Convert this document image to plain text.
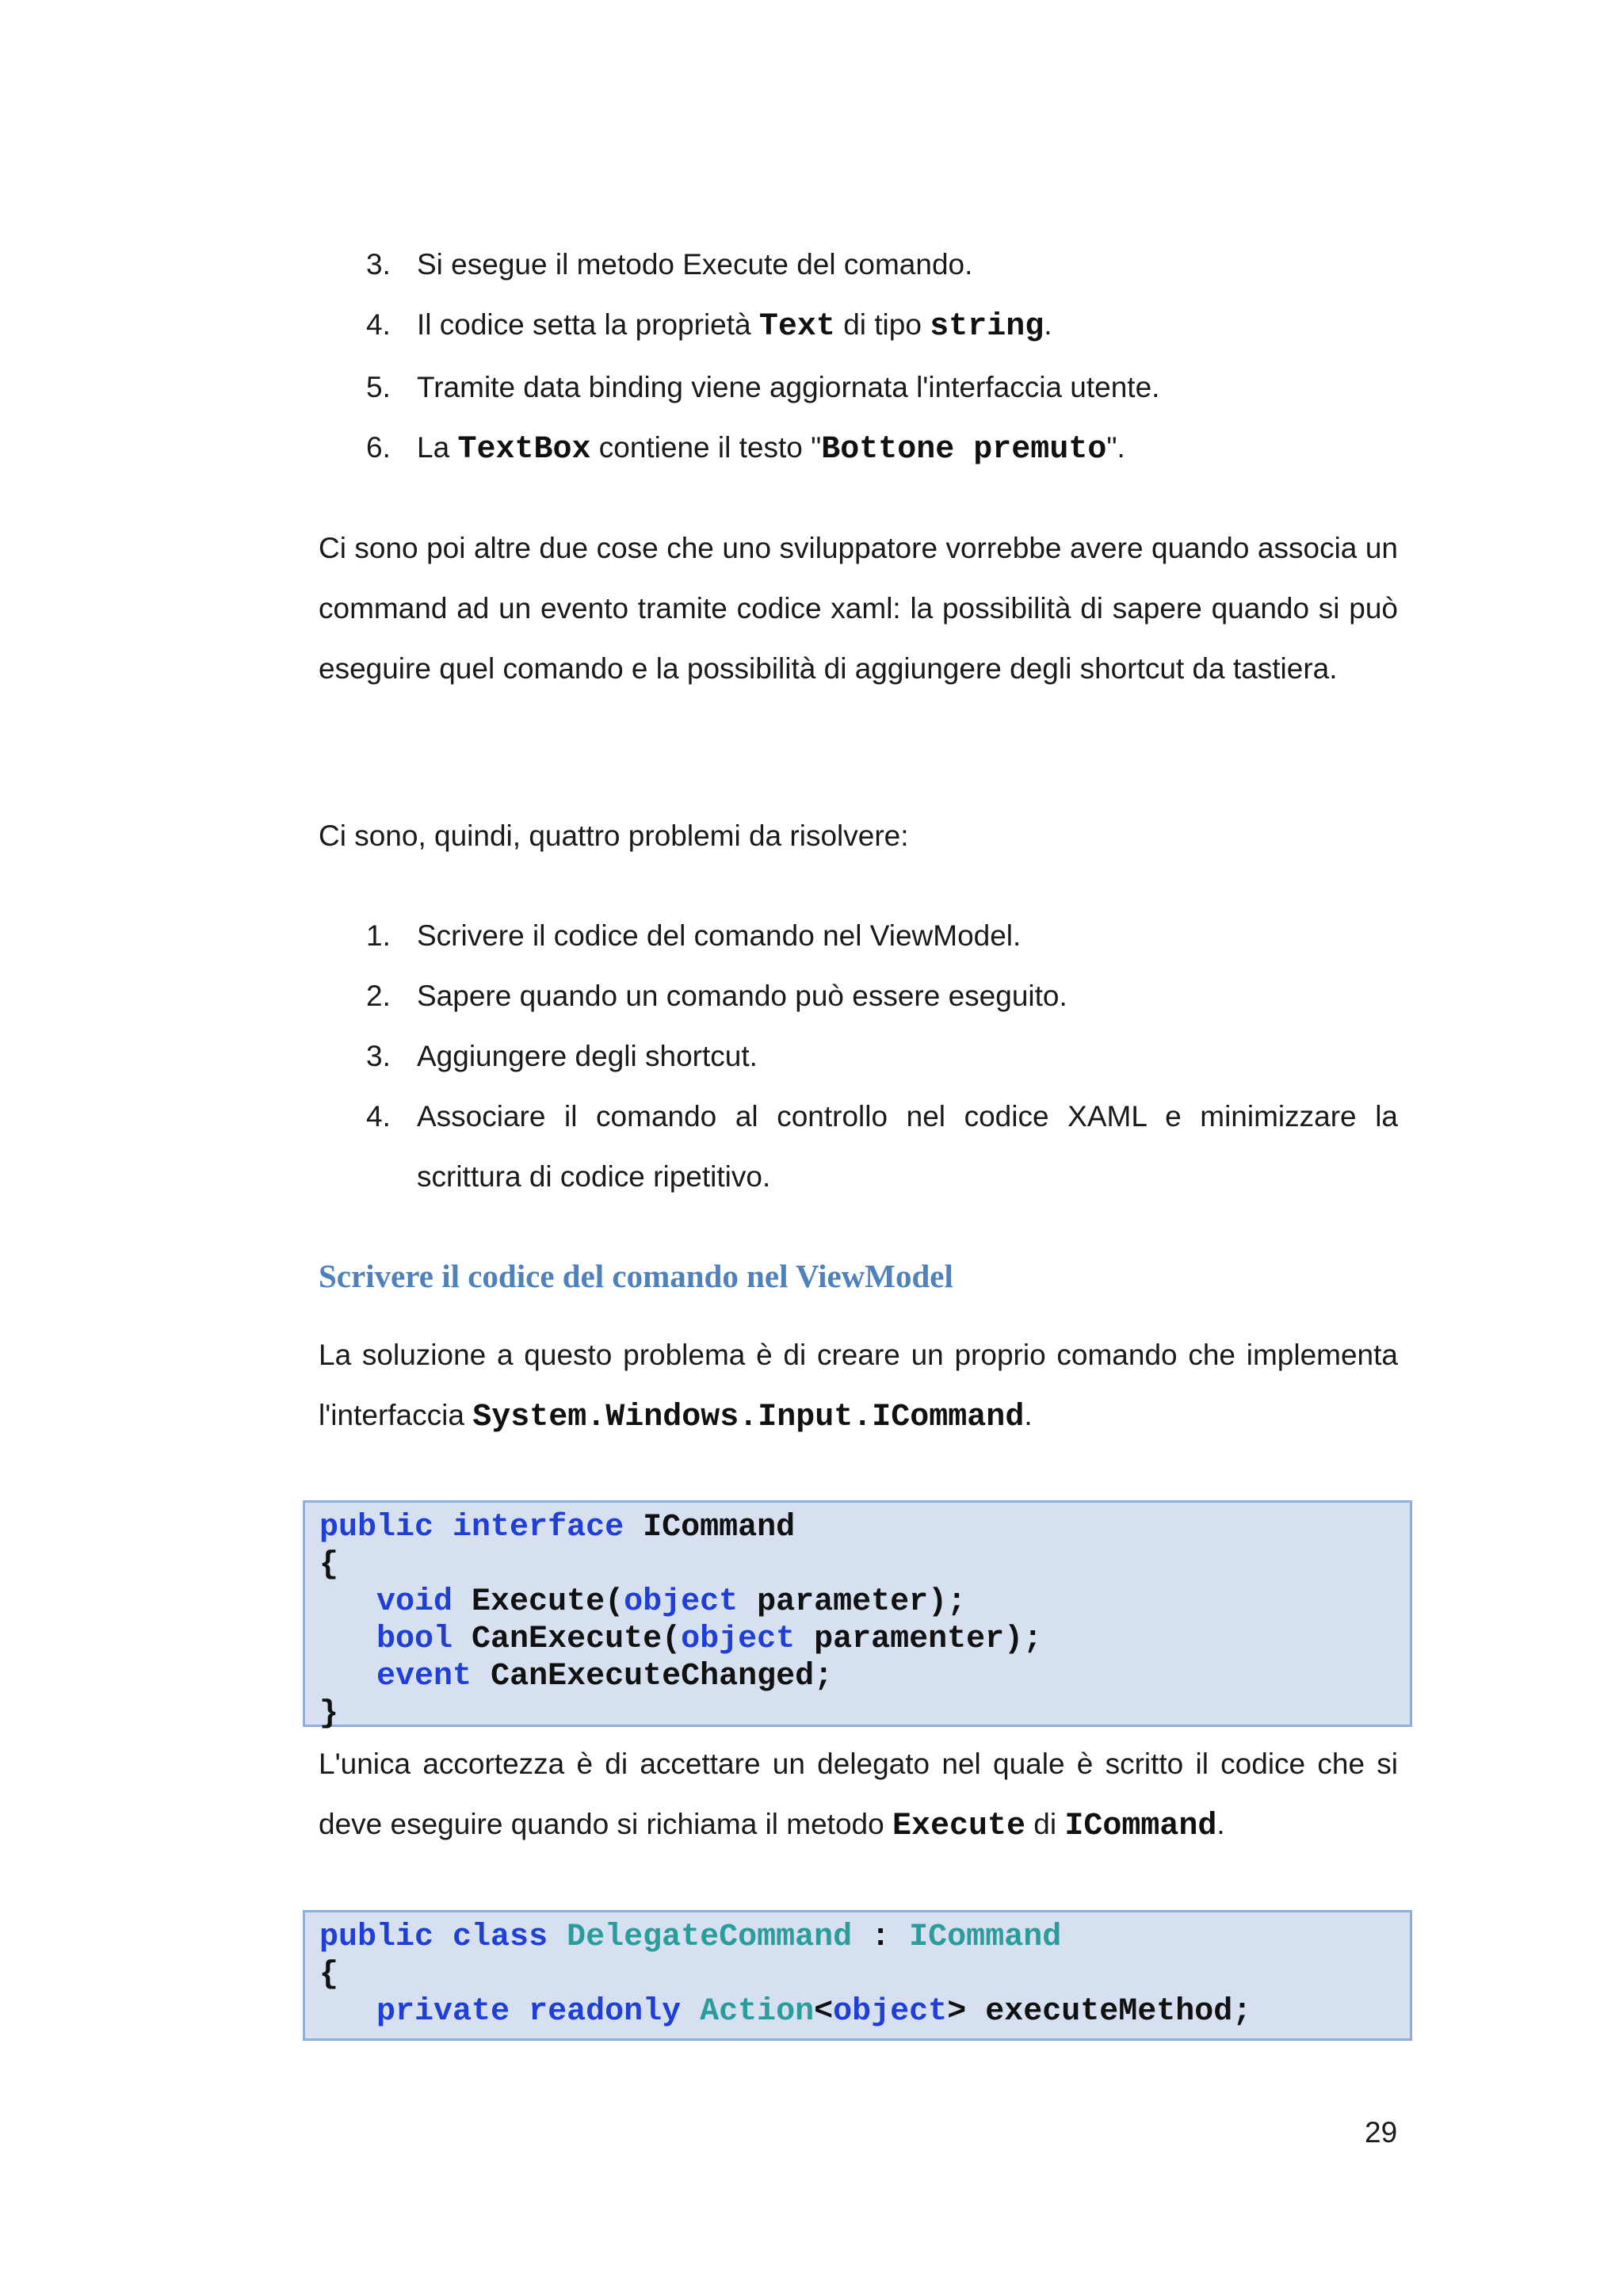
3. Si esegue il metodo Execute del comando.
4. Il codice setta la proprietà Text di tipo string.
5. Tramite data binding viene aggiornata l'interfaccia utente.
6. La TextBox contiene il testo "Bottone premuto".

Ci sono poi altre due cose che uno sviluppatore vorrebbe avere quando associa un command ad un evento tramite codice xaml: la possibilità di sapere quando si può eseguire quel comando e la possibilità di aggiungere degli shortcut da tastiera.

Ci sono, quindi, quattro problemi da risolvere:

1. Scrivere il codice del comando nel ViewModel.
2. Sapere quando un comando può essere eseguito.
3. Aggiungere degli shortcut.
4. Associare il comando al controllo nel codice XAML e minimizzare la scrittura di codice ripetitivo.
Scrivere il codice del comando nel ViewModel

La soluzione a questo problema è di creare un proprio comando che implementa l'interfaccia System.Windows.Input.ICommand.

public interface ICommand
{
void Execute(object parameter);
bool CanExecute(object paramenter);
event CanExecuteChanged;
}

L'unica accortezza è di accettare un delegato nel quale è scritto il codice che si deve eseguire quando si richiama il metodo Execute di ICommand.

public class DelegateCommand : ICommand
{
private readonly Action<object> executeMethod;
29
